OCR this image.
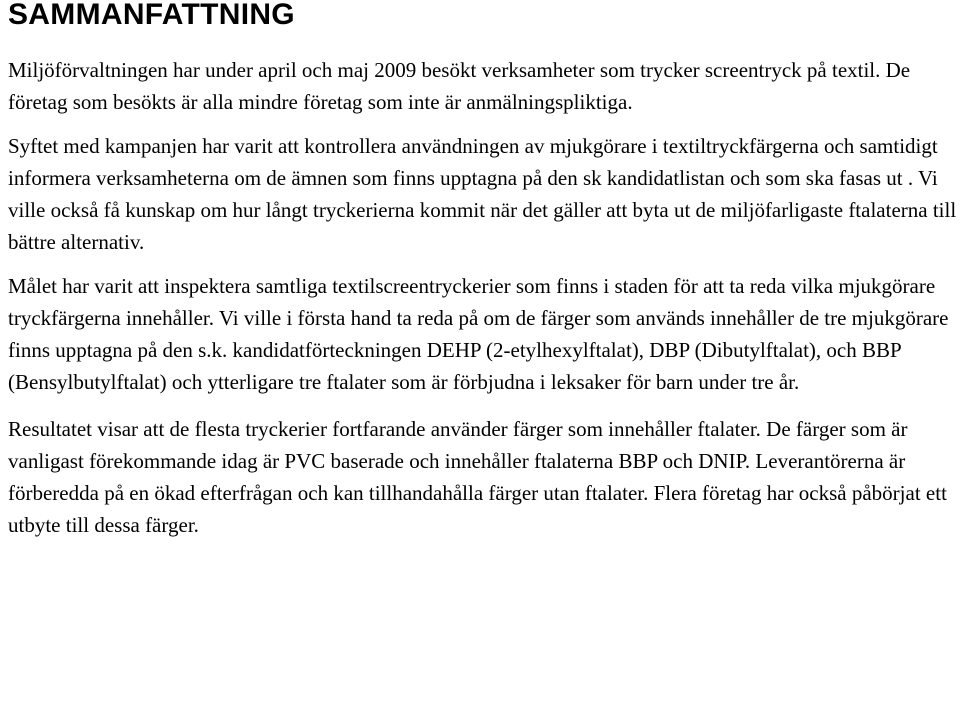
SAMMANFATTNING

Miljöförvaltningen har under april och maj 2009 besökt verksamheter som trycker screentryck på textil. De företag som besökts är alla mindre företag som inte är anmälningspliktiga.

Syftet med kampanjen har varit att kontrollera användningen av mjukgörare i textiltryckfärgerna och samtidigt informera verksamheterna om de ämnen som finns upptagna på den sk kandidatlistan och som ska fasas ut . Vi ville också få kunskap om hur långt tryckerierna kommit när det gäller att byta ut de miljöfarligaste ftalaterna till bättre alternativ.

Målet har varit att inspektera samtliga textilscreentryckerier som finns i staden för att ta reda vilka mjukgörare tryckfärgerna innehåller. Vi ville i första hand ta reda på om de färger som används innehåller de tre mjukgörare finns upptagna på den s.k. kandidatförteckningen DEHP (2-etylhexylftalat), DBP (Dibutylftalat), och BBP (Bensylbutylftalat) och ytterligare tre ftalater som är förbjudna i leksaker för barn under tre år.

Resultatet visar att de flesta tryckerier fortfarande använder färger som innehåller ftalater. De färger som är vanligast förekommande idag är PVC baserade och innehåller ftalaterna BBP och DNIP. Leverantörerna är förberedda på en ökad efterfrågan och kan tillhandahålla färger utan ftalater. Flera företag har också påbörjat ett utbyte till dessa färger.
